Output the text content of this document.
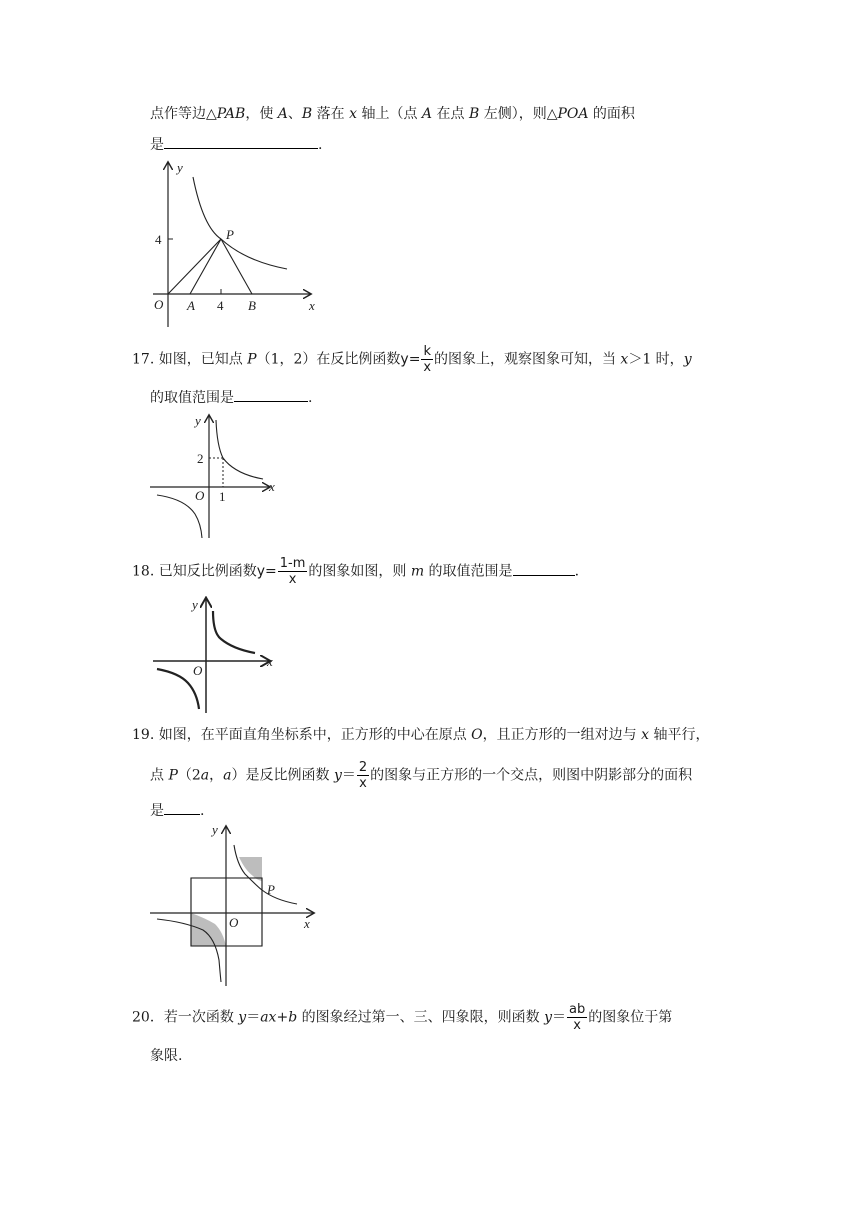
点作等边△PAB，使 A、B 落在 x 轴上（点 A 在点 B 左侧），则△POA 的面积
是	.
y
4	P
O A 4 B	x
17. 如图，已知点 P（1，2）在反比例函数$y= \frac{k}{x}$ 的图象上，观察图象可知，当 x＞1 时，y
的取值范围是	.
y
2
O 1
x
18. 已知反比例函数$y= \frac{1-m}{x}$ 的图象如图，则 m 的取值范围是	.
y
O
x
19. 如图，在平面直角坐标系中，正方形的中心在原点 O，且正方形的一组对边与 x 轴平行，
点 P（2a，a）是反比例函数 $y= \frac{2}{x}$ 的图象与正方形的一个交点，则图中阴影部分的面积
是	.
y
P
O	x
20．若一次函数 y＝ax+b 的图象经过第一、三、四象限，则函数 $y= \frac{ab}{x}$ 的图象位于第
象限.
